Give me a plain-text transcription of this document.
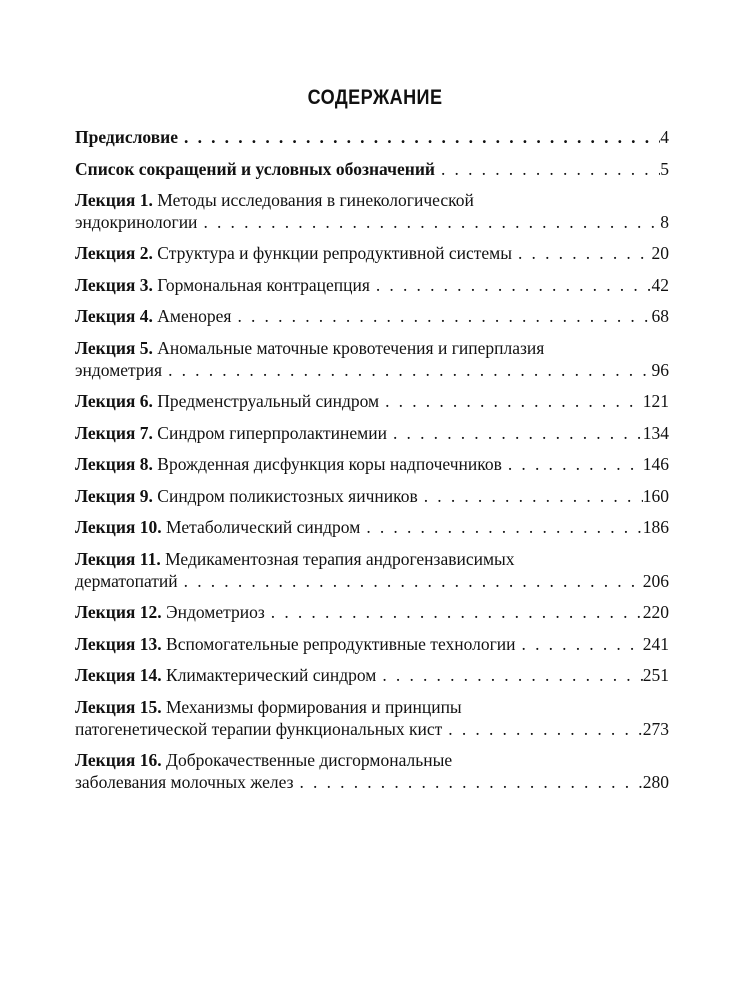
СОДЕРЖАНИЕ
Предисловие . . .	4
Список сокращений и условных обозначений . . .	5
Лекция 1. Методы исследования в гинекологической
эндокринологии . . .	8
Лекция 2. Структура и функции репродуктивной системы . . .	20
Лекция 3. Гормональная контрацепция . . .	42
Лекция 4. Аменорея . . .	68
Лекция 5. Аномальные маточные кровотечения и гиперплазия
эндометрия . . .	96
Лекция 6. Предменструальный синдром . . .	121
Лекция 7. Синдром гиперпролактинемии . . .	134
Лекция 8. Врожденная дисфункция коры надпочечников . . .	146
Лекция 9. Синдром поликистозных яичников . . .	160
Лекция 10. Метаболический синдром . . .	186
Лекция 11. Медикаментозная терапия андрогензависимых
дерматопатий . . .	206
Лекция 12. Эндометриоз . . .	220
Лекция 13. Вспомогательные репродуктивные технологии . . .	241
Лекция 14. Климактерический синдром . . .	251
Лекция 15. Механизмы формирования и принципы
патогенетической терапии функциональных кист . . .	273
Лекция 16. Доброкачественные дисгормональные
заболевания молочных желез . . .	280
